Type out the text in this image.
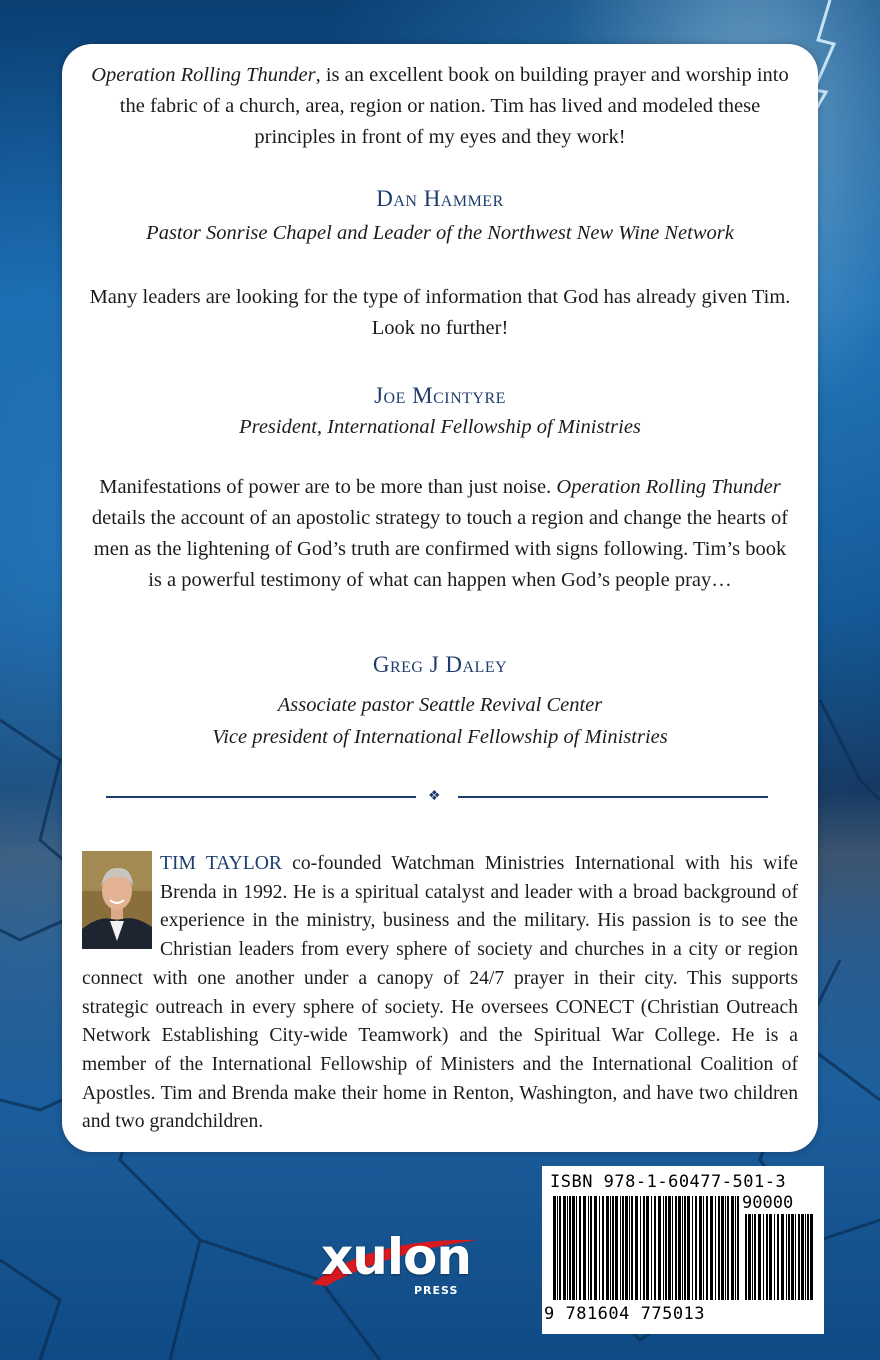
Operation Rolling Thunder, is an excellent book on building prayer and worship into the fabric of a church, area, region or nation. Tim has lived and modeled these principles in front of my eyes and they work!

Dan Hammer
Pastor Sonrise Chapel and Leader of the Northwest New Wine Network

Many leaders are looking for the type of information that God has already given Tim. Look no further!

Joe Mcintyre
President, International Fellowship of Ministries

Manifestations of power are to be more than just noise. Operation Rolling Thunder details the account of an apostolic strategy to touch a region and change the hearts of men as the lightening of God’s truth are confirmed with signs following. Tim’s book is a powerful testimony of what can happen when God’s people pray…

Greg J Daley
Associate pastor Seattle Revival Center
Vice president of International Fellowship of Ministries
❖

TIM TAYLOR co-founded Watchman Ministries International with his wife Brenda in 1992. He is a spiritual catalyst and leader with a broad background of experience in the ministry, business and the military. His passion is to see the Christian leaders from every sphere of society and churches in a city or region connect with one another under a canopy of 24/7 prayer in their city. This supports strategic outreach in every sphere of society. He oversees CONECT (Christian Outreach Network Establishing City-wide Teamwork) and the Spiritual War College. He is a member of the International Fellowship of Ministers and the International Coalition of Apostles. Tim and Brenda make their home in Renton, Washington, and have two children and two grandchildren.

ISBN 978-1-60477-501-3
90000
9 781604 775013
xulon
PRESS
